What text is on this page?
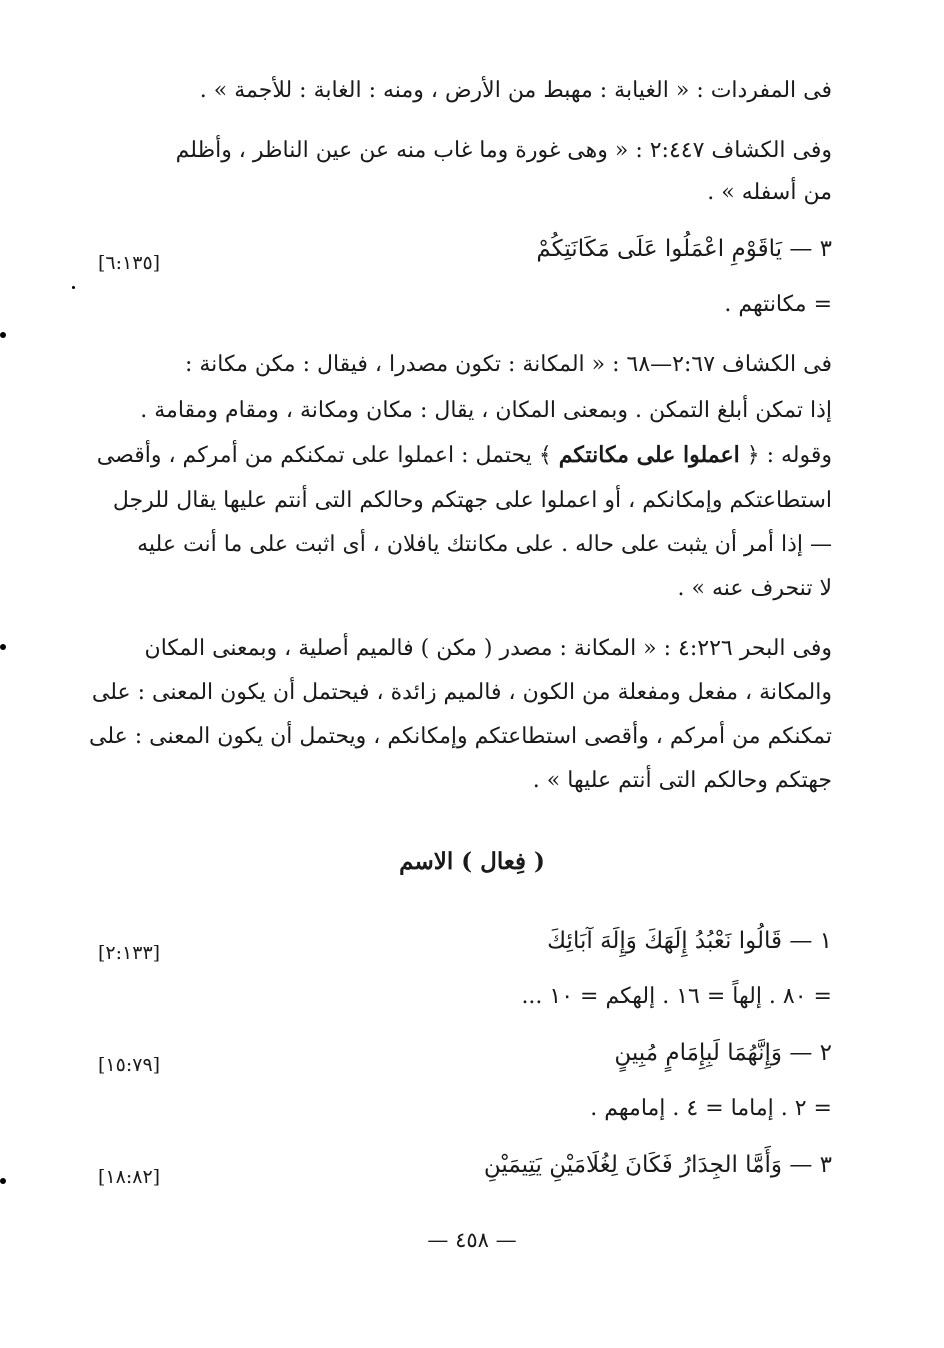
فى المفردات : « الغيابة : مهبط من الأرض ، ومنه : الغابة : للأجمة » .
وفى الكشاف ٢:٤٤٧ : « وهى غورة وما غاب منه عن عين الناظر ، وأظلم
من أسفله » .
٣ — يَاقَوْمِ اعْمَلُوا عَلَى مَكَانَتِكُمْ
[٦:١٣٥]
= مكانتهم .
فى الكشاف ٢:٦٧—٦٨ : « المكانة : تكون مصدرا ، فيقال : مكن مكانة :
إذا تمكن أبلغ التمكن . وبمعنى المكان ، يقال : مكان ومكانة ، ومقام ومقامة .
وقوله : ﴿ اعملوا على مكانتكم ﴾ يحتمل : اعملوا على تمكنكم من أمركم ، وأقصى
استطاعتكم وإمكانكم ، أو اعملوا على جهتكم وحالكم التى أنتم عليها يقال للرجل
— إذا أمر أن يثبت على حاله . على مكانتك يافلان ، أى اثبت على ما أنت عليه
لا تنحرف عنه » .
وفى البحر ٤:٢٢٦ : « المكانة : مصدر ( مكن ) فالميم أصلية ، وبمعنى المكان
والمكانة ، مفعل ومفعلة من الكون ، فالميم زائدة ، فيحتمل أن يكون المعنى : على
تمكنكم من أمركم ، وأقصى استطاعتكم وإمكانكم ، ويحتمل أن يكون المعنى : على
جهتكم وحالكم التى أنتم عليها » .
( فِعال ) الاسم
١ — قَالُوا نَعْبُدُ إِلَهَكَ وَإِلَهَ آبَائِكَ
[٢:١٣٣]
= ٨٠ . إلهاً = ١٦ . إلهكم = ١٠ ...
٢ — وَإِنَّهُمَا لَبِإِمَامٍ مُبِينٍ
[١٥:٧٩]
= ٢ . إماما = ٤ . إمامهم .
٣ — وَأَمَّا الجِدَارُ فَكَانَ لِغُلَامَيْنِ يَتِيمَيْنِ
[١٨:٨٢]
— ٤٥٨ —
